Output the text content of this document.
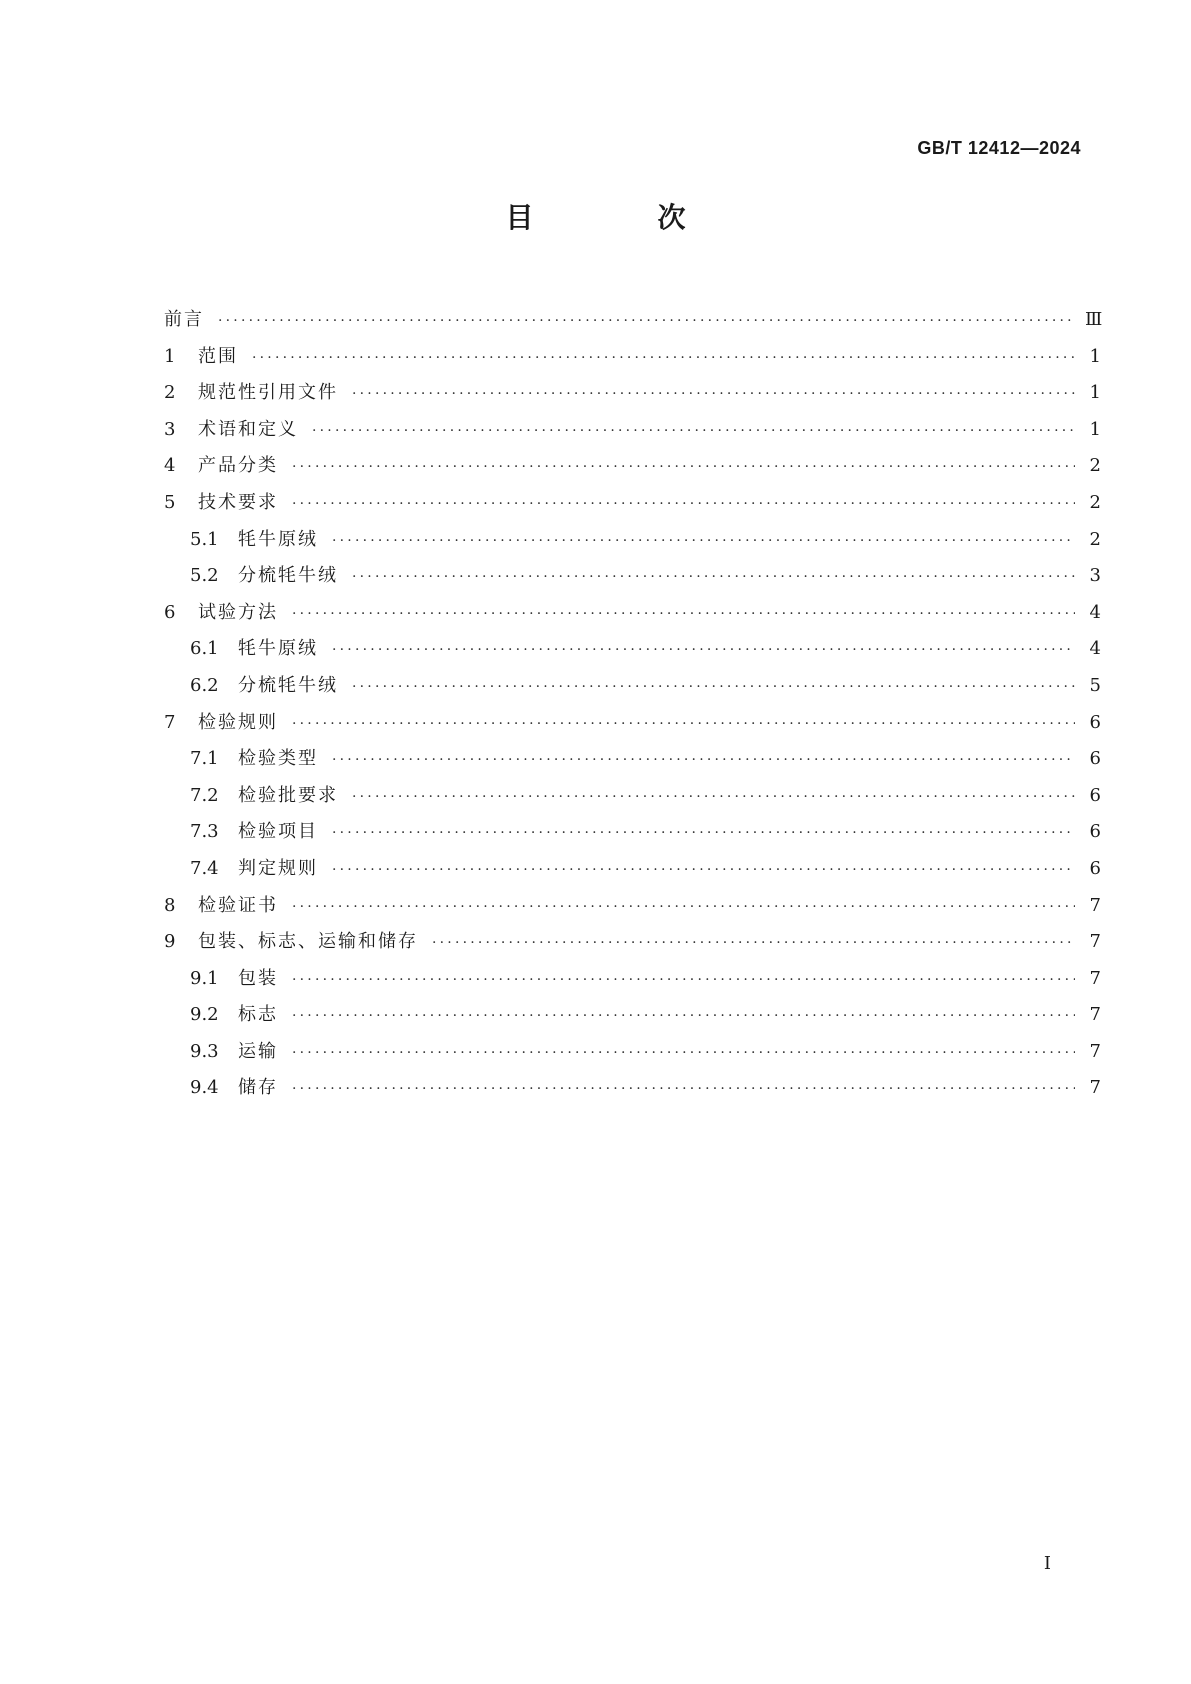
GB/T 12412—2024
目　次
前言 ·····	Ⅲ
1	范围 ·····	1
2	规范性引用文件 ·····	1
3	术语和定义 ·····	1
4	产品分类 ·····	2
5	技术要求 ·····	2
5.1	牦牛原绒 ·····	2
5.2	分梳牦牛绒 ·····	3
6	试验方法 ·····	4
6.1	牦牛原绒 ·····	4
6.2	分梳牦牛绒 ·····	5
7	检验规则 ·····	6
7.1	检验类型 ·····	6
7.2	检验批要求 ·····	6
7.3	检验项目 ·····	6
7.4	判定规则 ·····	6
8	检验证书 ·····	7
9	包装、标志、运输和储存 ·····	7
9.1	包装 ·····	7
9.2	标志 ·····	7
9.3	运输 ·····	7
9.4	储存 ·····	7
I
